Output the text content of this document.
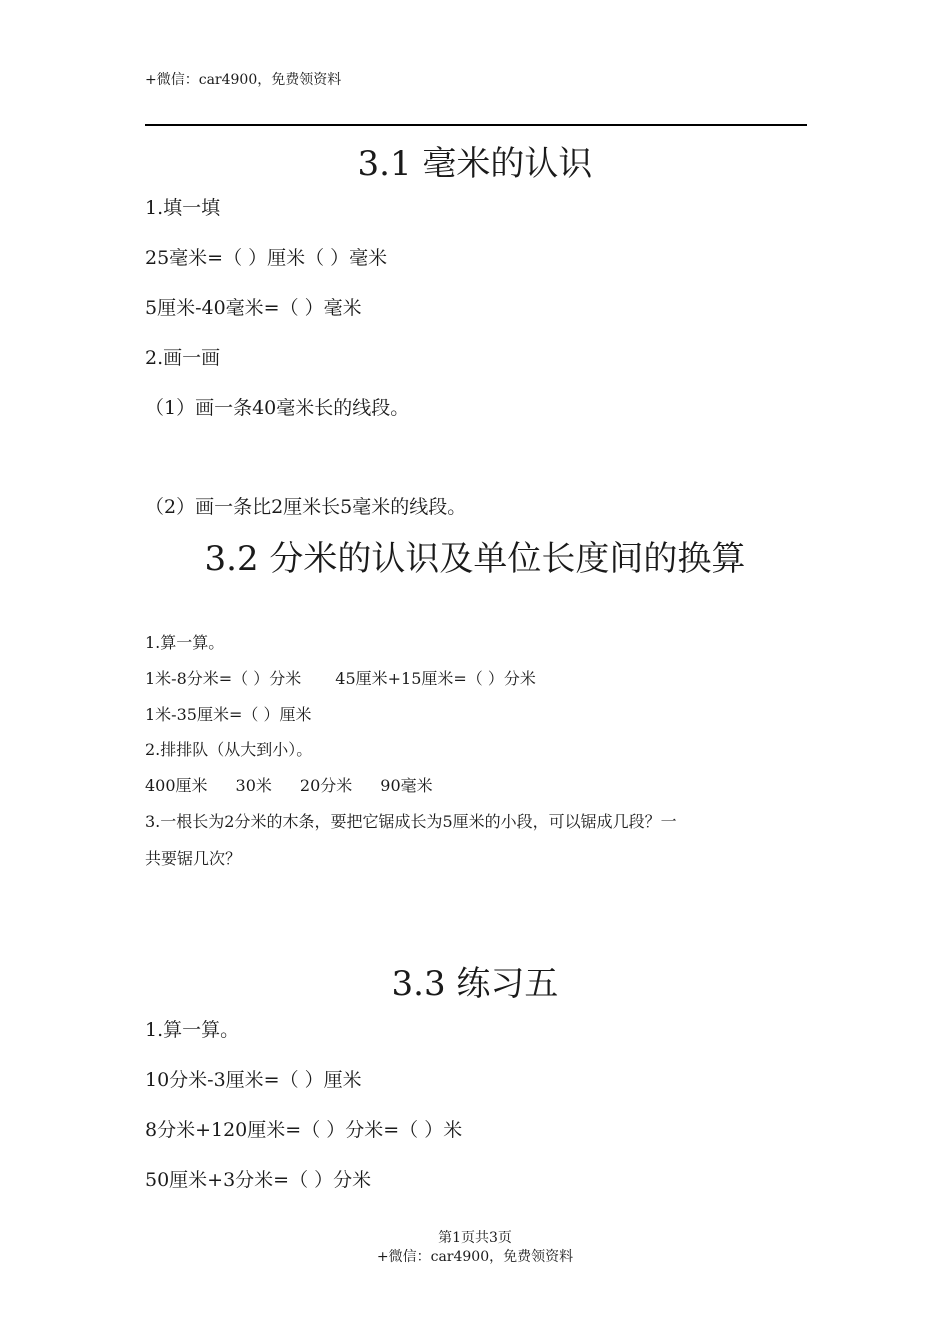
+微信：car4900，免费领资料
3.1 毫米的认识
1.填一填
25毫米=（ ）厘米（ ）毫米
5厘米-40毫米=（ ）毫米
2.画一画
（1）画一条40毫米长的线段。
（2）画一条比2厘米长5毫米的线段。
3.2 分米的认识及单位长度间的换算
1.算一算。
1米-8分米=（ ）分米 45厘米+15厘米=（ ）分米
1米-35厘米=（ ）厘米
2.排排队（从大到小）。
400厘米 30米 20分米 90毫米
3.一根长为2分米的木条，要把它锯成长为5厘米的小段，可以锯成几段？一
共要锯几次？
3.3 练习五
1.算一算。
10分米-3厘米=（ ）厘米
8分米+120厘米=（ ）分米=（ ）米
50厘米+3分米=（ ）分米
第1页共3页
+微信：car4900，免费领资料
